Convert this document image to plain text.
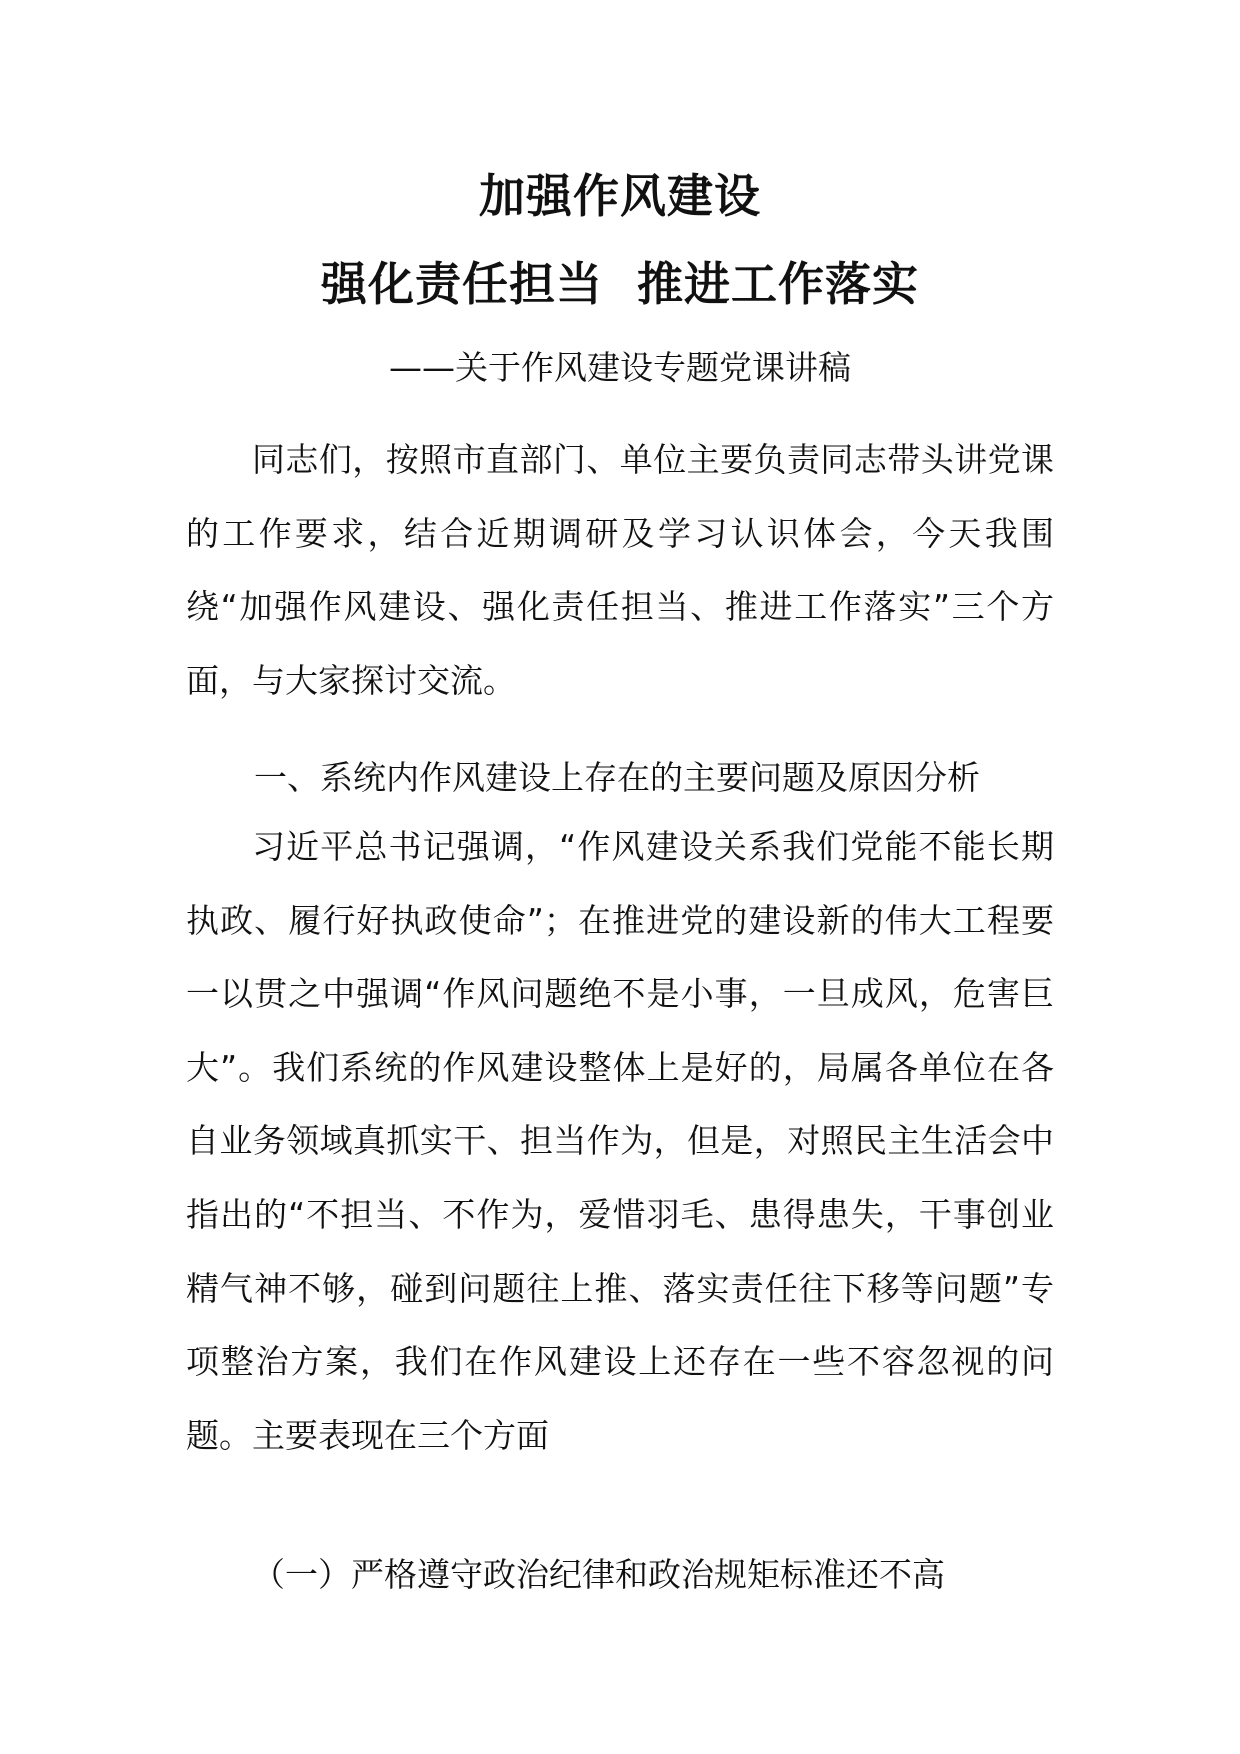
加强作风建设
强化责任担当  推进工作落实
——关于作风建设专题党课讲稿

同志们，按照市直部门、单位主要负责同志带头讲党课的工作要求，结合近期调研及学习认识体会，今天我围绕“加强作风建设、强化责任担当、推进工作落实”三个方面，与大家探讨交流。

一、系统内作风建设上存在的主要问题及原因分析

习近平总书记强调，“作风建设关系我们党能不能长期执政、履行好执政使命”；在推进党的建设新的伟大工程要一以贯之中强调“作风问题绝不是小事，一旦成风，危害巨大”。我们系统的作风建设整体上是好的，局属各单位在各自业务领域真抓实干、担当作为，但是，对照民主生活会中指出的“不担当、不作为，爱惜羽毛、患得患失，干事创业精气神不够，碰到问题往上推、落实责任往下移等问题”专项整治方案，我们在作风建设上还存在一些不容忽视的问题。主要表现在三个方面

（一）严格遵守政治纪律和政治规矩标准还不高
